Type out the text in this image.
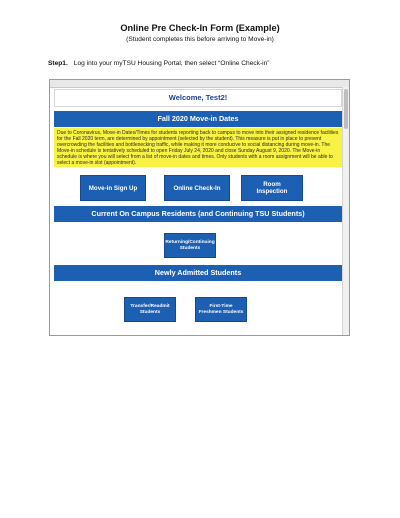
Online Pre Check-In Form (Example)
(Student completes this before arriving to Move-in)
Step1. Log into your myTSU Housing Portal, then select “Online Check-in”
Welcome, Test2!
Fall 2020 Move-in Dates
Due to Coronavirus, Move-in Dates/Times for students reporting back to campus to move into their assigned residence facilities for the Fall 2020 term, are determined by appointment (selected by the student). This measure is put in place to prevent overcrowding the facilities and bottlenecking traffic, while making it more conducive to social distancing during move-in. The Move-in schedule is tentatively scheduled to open Friday July 24, 2020 and close Sunday August 9, 2020. The Move-in schedule is where you will select from a list of move-in dates and times. Only students with a room assignment will be able to select a move-in slot (appointment).
Move-in Sign Up	Online Check-In	Room
Inspection
Current On Campus Residents (and Continuing TSU Students)
Returning/Continuing
Students
Newly Admitted Students
Transfer/Readmit
Students
First-Time
Freshmen Students
